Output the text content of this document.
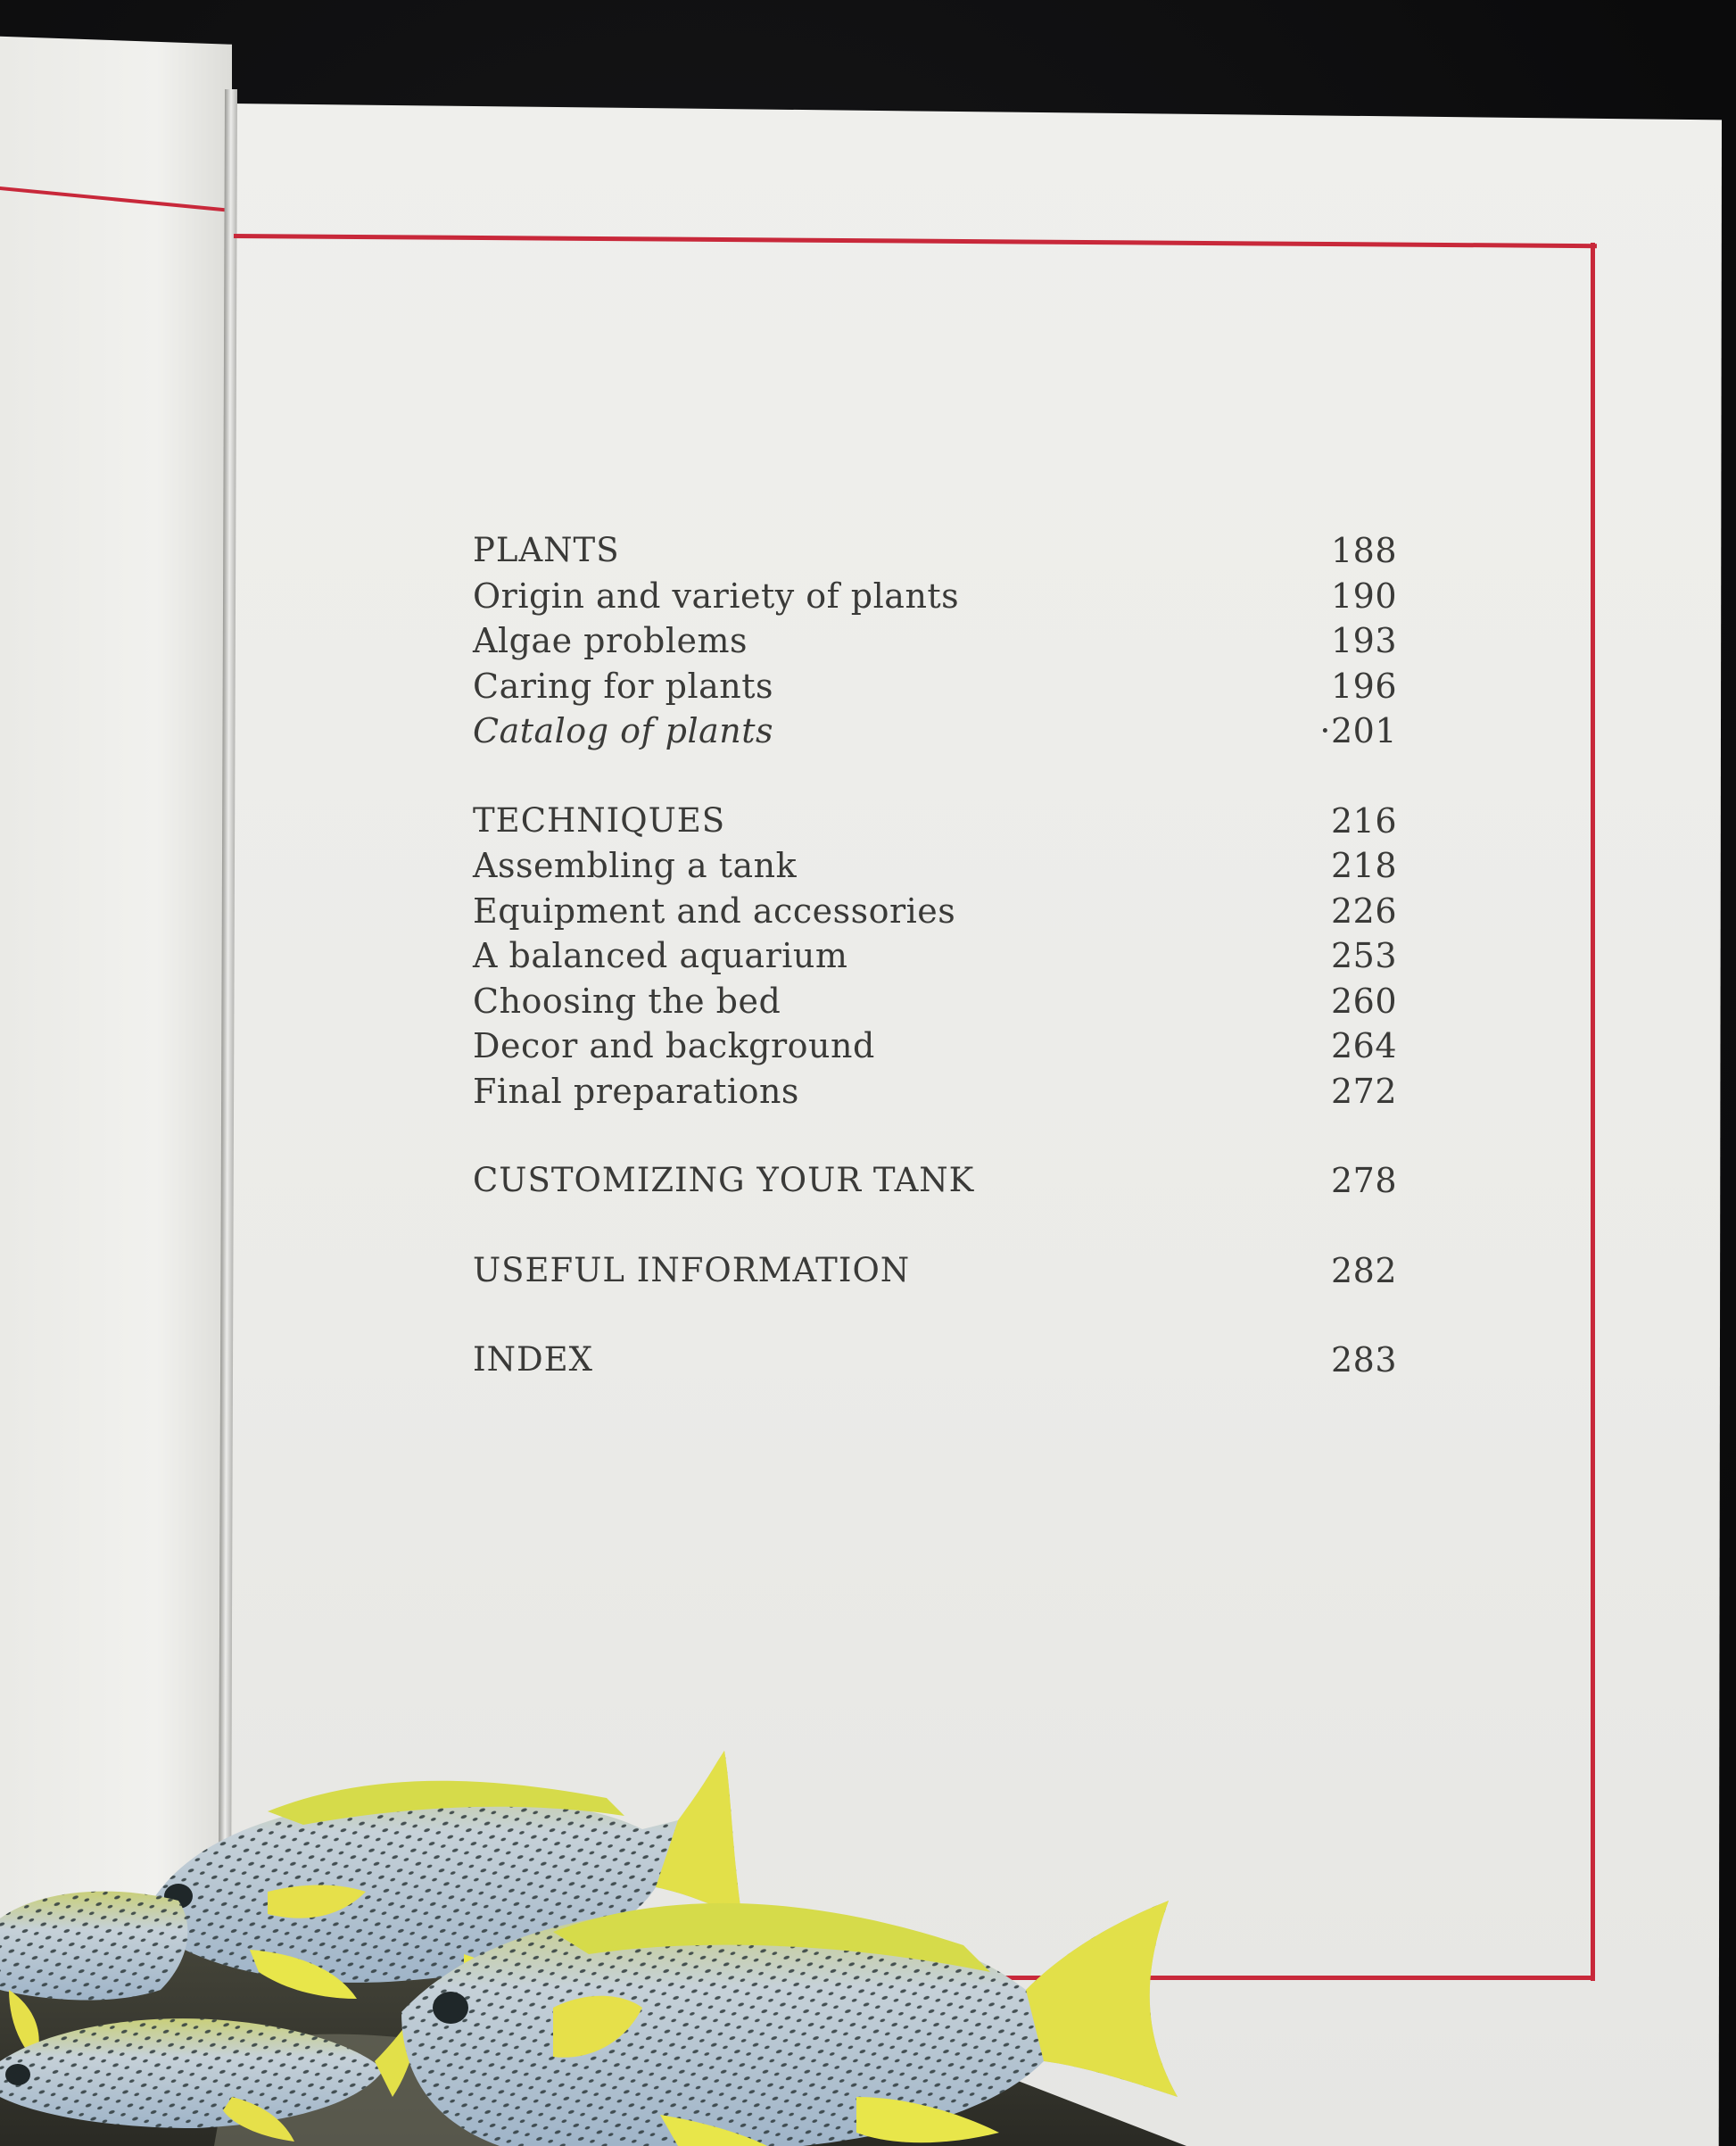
PLANTS	188
Origin and variety of plants	190
Algae problems	193
Caring for plants	196
Catalog of plants	·201
TECHNIQUES	216
Assembling a tank	218
Equipment and accessories	226
A balanced aquarium	253
Choosing the bed	260
Decor and background	264
Final preparations	272
CUSTOMIZING YOUR TANK	278
USEFUL INFORMATION	282
INDEX	283
